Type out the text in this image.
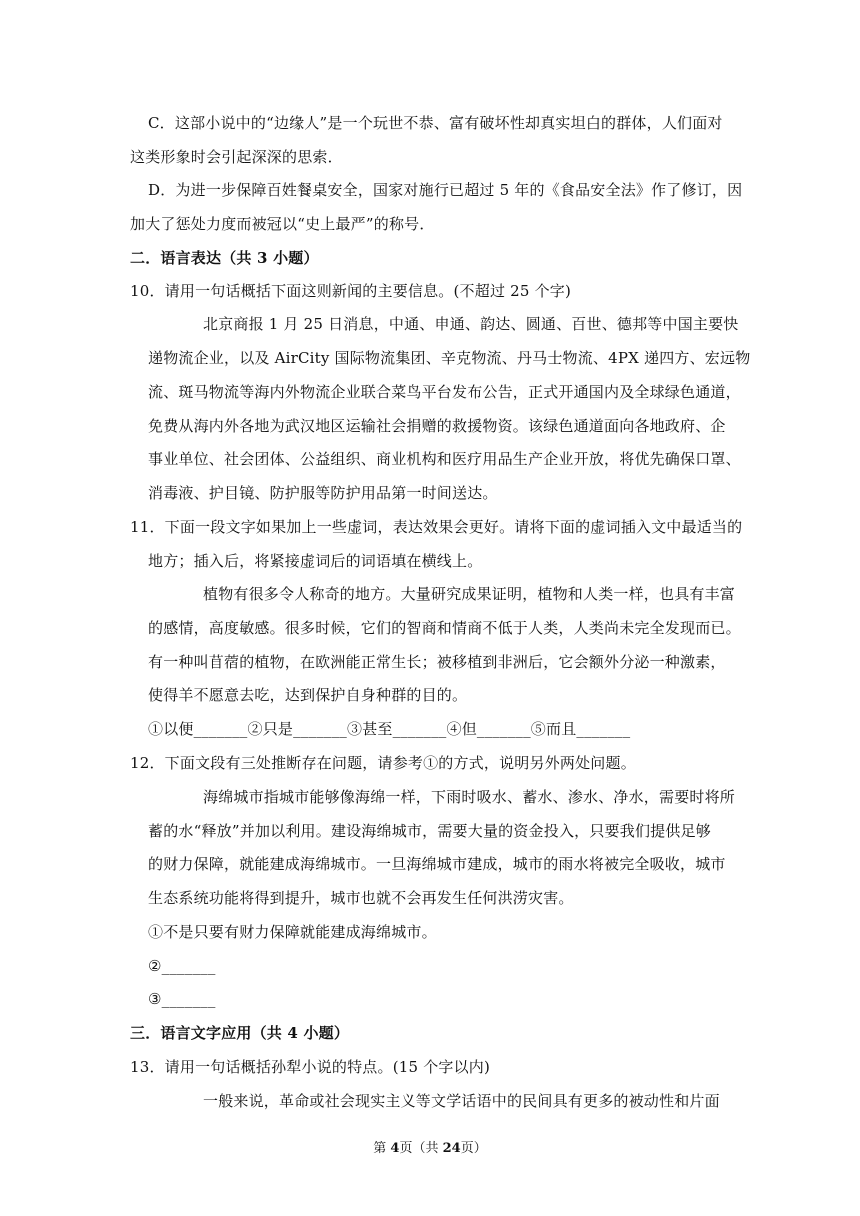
C．这部小说中的“边缘人”是一个玩世不恭、富有破坏性却真实坦白的群体，人们面对
这类形象时会引起深深的思索．
D．为进一步保障百姓餐桌安全，国家对施行已超过 5 年的《食品安全法》作了修订，因
加大了惩处力度而被冠以“史上最严”的称号．
二．语言表达（共 3 小题）
10．请用一句话概括下面这则新闻的主要信息。(不超过 25 个字)
北京商报 1 月 25 日消息，中通、申通、韵达、圆通、百世、德邦等中国主要快
递物流企业，以及 AirCity 国际物流集团、辛克物流、丹马士物流、4PX 递四方、宏远物
流、斑马物流等海内外物流企业联合菜鸟平台发布公告，正式开通国内及全球绿色通道，
免费从海内外各地为武汉地区运输社会捐赠的救援物资。该绿色通道面向各地政府、企
事业单位、社会团体、公益组织、商业机构和医疗用品生产企业开放，将优先确保口罩、
消毒液、护目镜、防护服等防护用品第一时间送达。
11．下面一段文字如果加上一些虚词，表达效果会更好。请将下面的虚词插入文中最适当的
地方；插入后，将紧接虚词后的词语填在横线上。
植物有很多令人称奇的地方。大量研究成果证明，植物和人类一样，也具有丰富
的感情，高度敏感。很多时候，它们的智商和情商不低于人类，人类尚未完全发现而已。
有一种叫苜蓿的植物，在欧洲能正常生长；被移植到非洲后，它会额外分泌一种激素，
使得羊不愿意去吃，达到保护自身种群的目的。
①以便_______②只是_______③甚至_______④但_______⑤而且_______
12．下面文段有三处推断存在问题，请参考①的方式，说明另外两处问题。
海绵城市指城市能够像海绵一样，下雨时吸水、蓄水、渗水、净水，需要时将所
蓄的水“释放”并加以利用。建设海绵城市，需要大量的资金投入，只要我们提供足够
的财力保障，就能建成海绵城市。一旦海绵城市建成，城市的雨水将被完全吸收，城市
生态系统功能将得到提升，城市也就不会再发生任何洪涝灾害。
①不是只要有财力保障就能建成海绵城市。
②_______
③_______
三．语言文字应用（共 4 小题）
13．请用一句话概括孙犁小说的特点。(15 个字以内)
一般来说，革命或社会现实主义等文学话语中的民间具有更多的被动性和片面
第 4页（共 24页）
